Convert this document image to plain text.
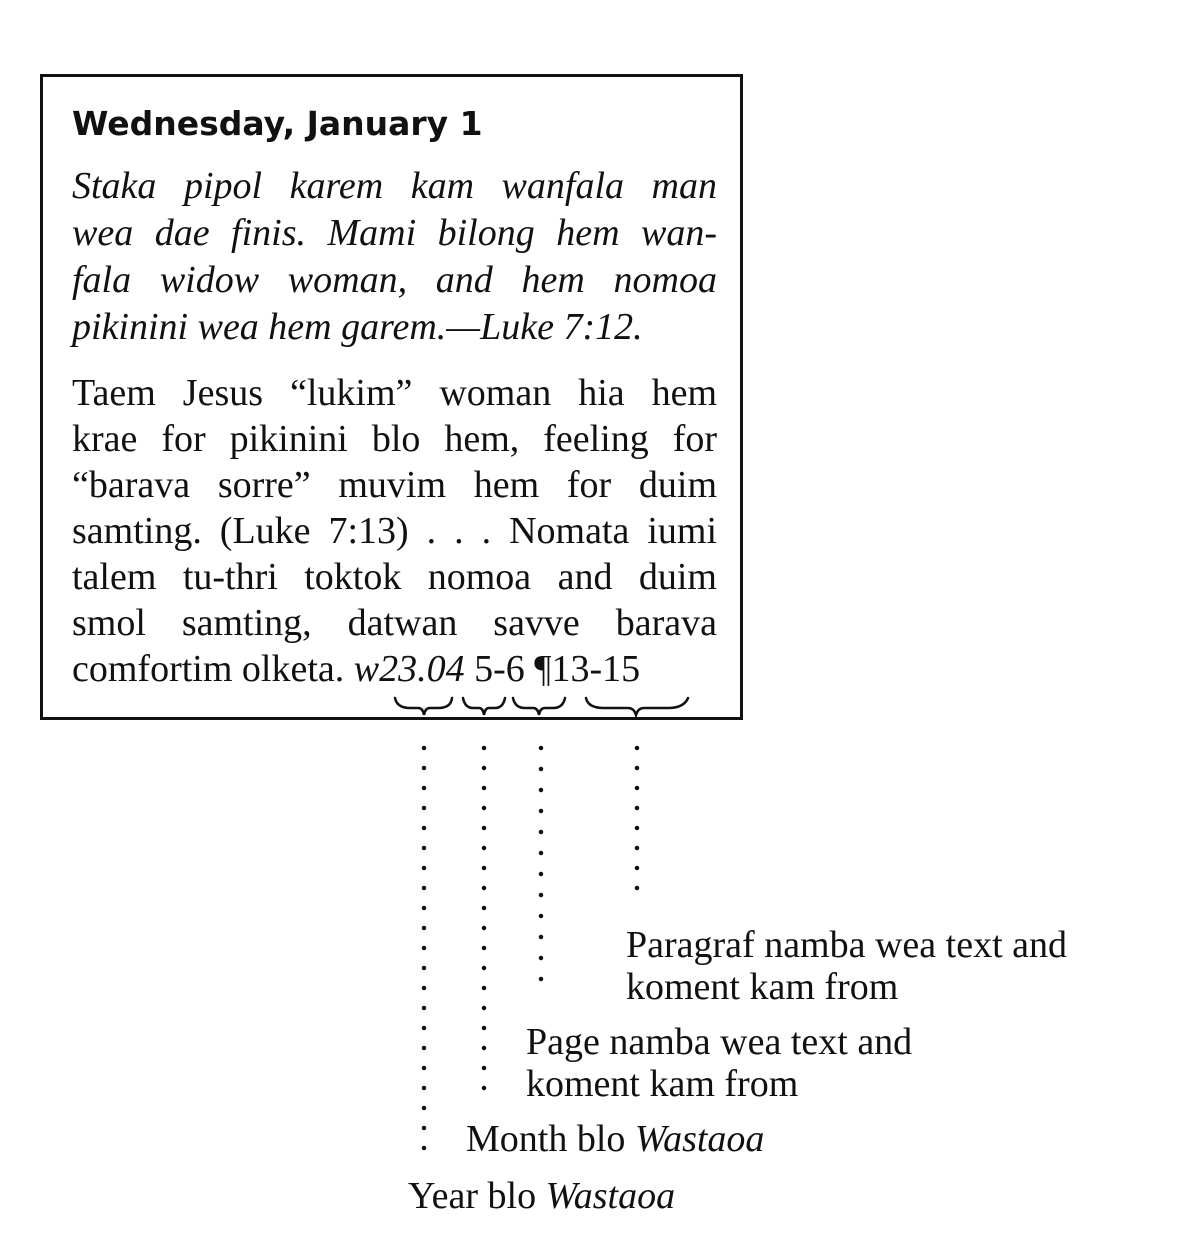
Wednesday, January 1

Staka pipol karem kam wanfala man

wea dae finis. Mami bilong hem wan-

fala widow woman, and hem nomoa

pikinini wea hem garem.—Luke 7:12.

Taem Jesus “lukim” woman hia hem

krae for pikinini blo hem, feeling for

“barava sorre” muvim hem for duim

samting. (Luke 7:13) . . . Nomata iumi

talem tu-thri toktok nomoa and duim

smol samting, datwan savve barava

comfortim olketa. w23.04 5-6 ¶13-15

Paragraf namba wea text and

koment kam from

Page namba wea text and

koment kam from

Month blo Wastaoa

Year blo Wastaoa
